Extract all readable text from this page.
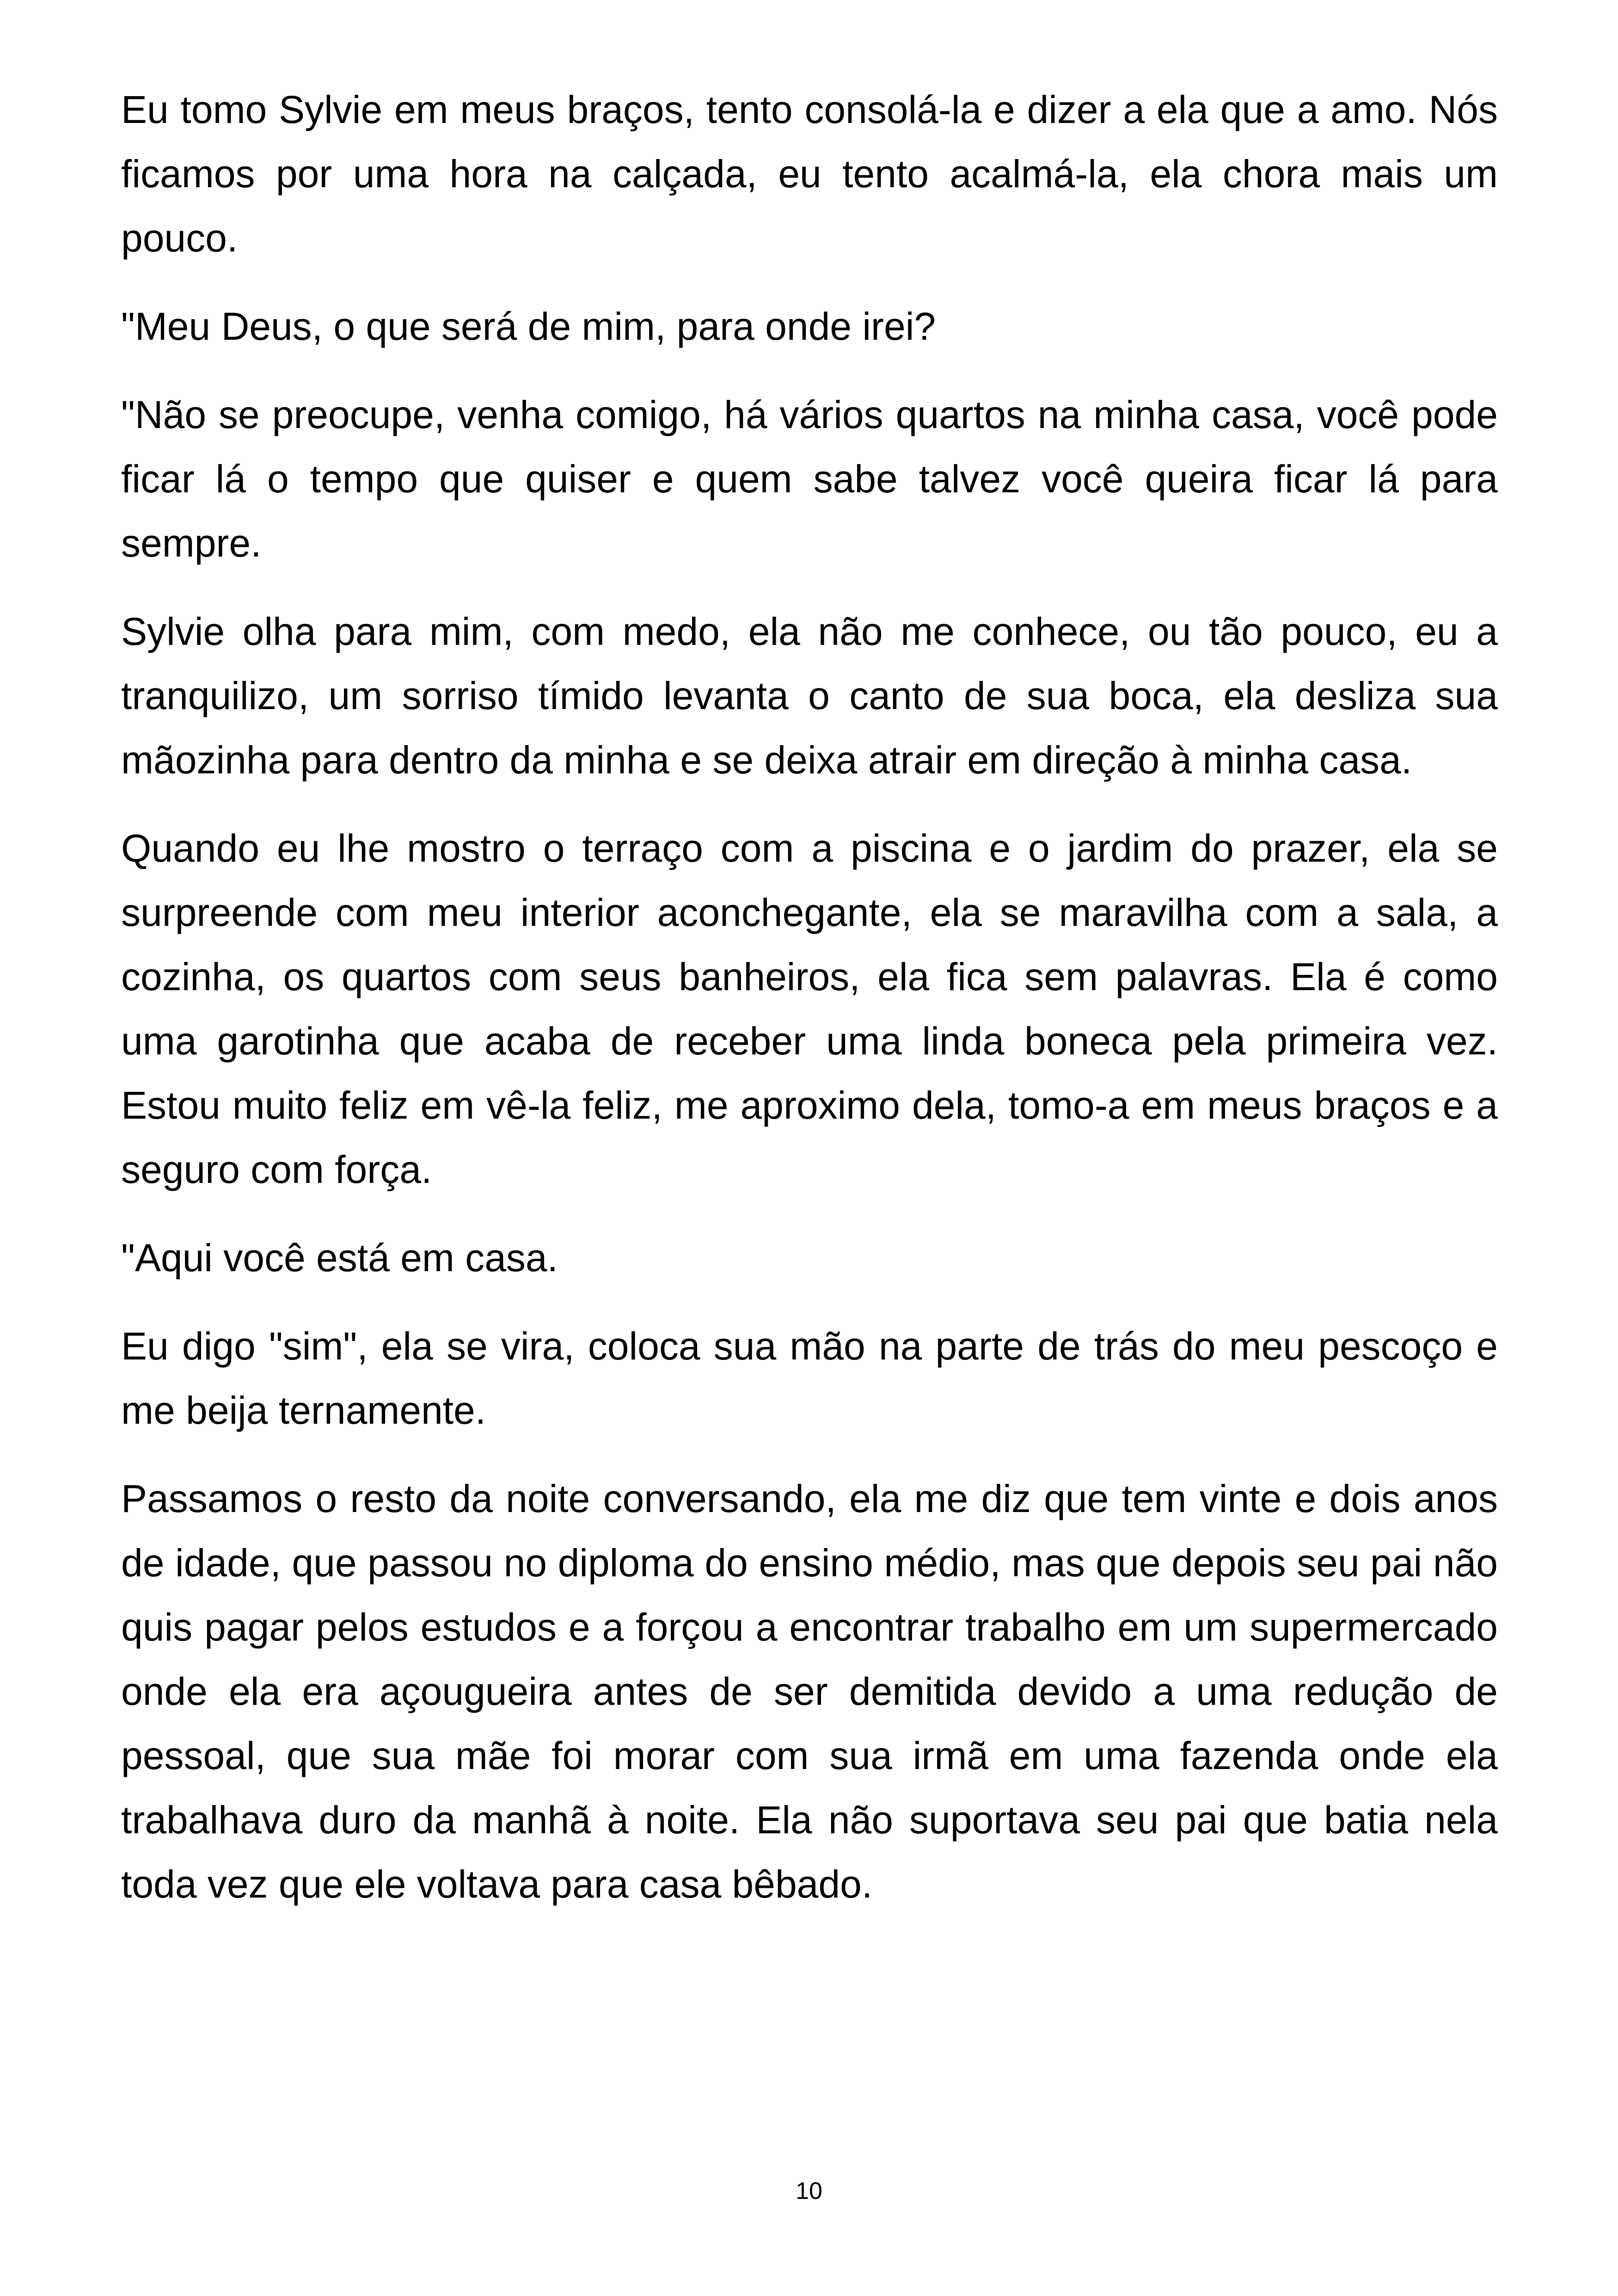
Eu tomo Sylvie em meus braços, tento consolá-la e dizer a ela que a amo. Nós ficamos por uma hora na calçada, eu tento acalmá-la, ela chora mais um pouco.

"Meu Deus, o que será de mim, para onde irei?

"Não se preocupe, venha comigo, há vários quartos na minha casa, você pode ficar lá o tempo que quiser e quem sabe talvez você queira ficar lá para sempre.

Sylvie olha para mim, com medo, ela não me conhece, ou tão pouco, eu a tranquilizo, um sorriso tímido levanta o canto de sua boca, ela desliza sua mãozinha para dentro da minha e se deixa atrair em direção à minha casa.

Quando eu lhe mostro o terraço com a piscina e o jardim do prazer, ela se surpreende com meu interior aconchegante, ela se maravilha com a sala, a cozinha, os quartos com seus banheiros, ela fica sem palavras. Ela é como uma garotinha que acaba de receber uma linda boneca pela primeira vez. Estou muito feliz em vê-la feliz, me aproximo dela, tomo-a em meus braços e a seguro com força.

"Aqui você está em casa.

Eu digo "sim", ela se vira, coloca sua mão na parte de trás do meu pescoço e me beija ternamente.

Passamos o resto da noite conversando, ela me diz que tem vinte e dois anos de idade, que passou no diploma do ensino médio, mas que depois seu pai não quis pagar pelos estudos e a forçou a encontrar trabalho em um supermercado onde ela era açougueira antes de ser demitida devido a uma redução de pessoal, que sua mãe foi morar com sua irmã em uma fazenda onde ela trabalhava duro da manhã à noite. Ela não suportava seu pai que batia nela toda vez que ele voltava para casa bêbado.

10
